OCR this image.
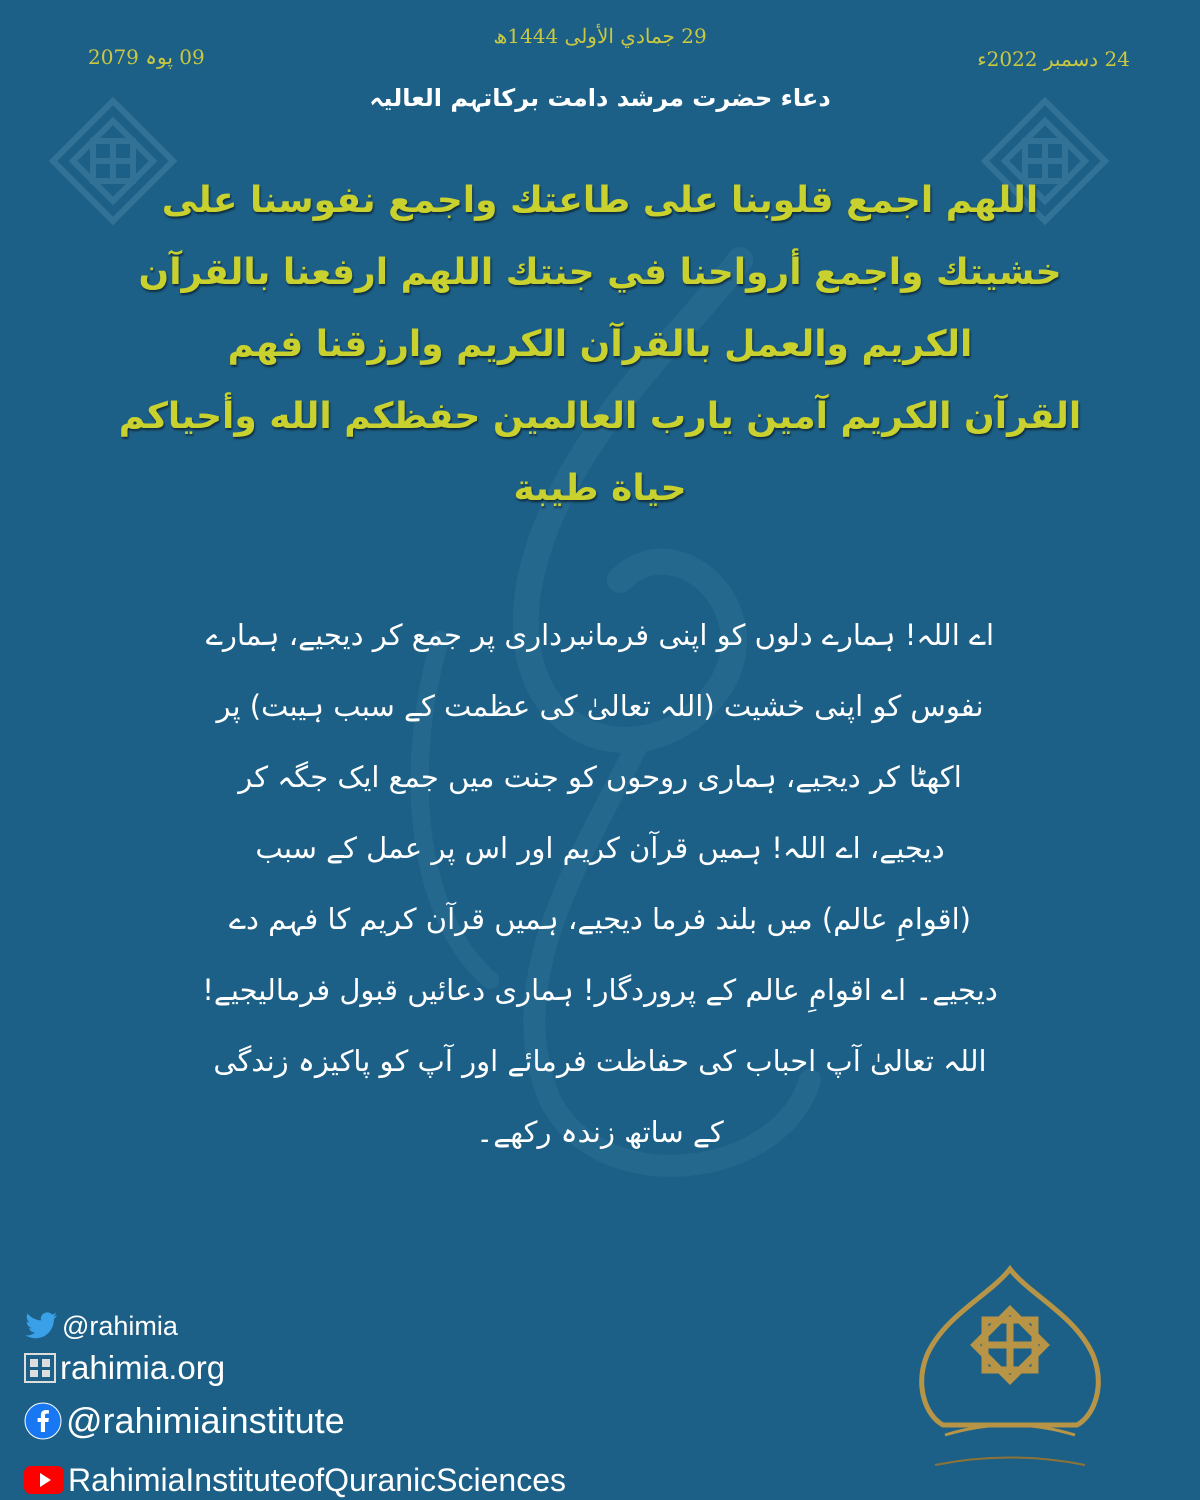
29 جمادي الأولى 1444ھ
24 دسمبر 2022ء
09 پوہ 2079
دعاء حضرت مرشد دامت برکاتہم العالیہ
اللهم اجمع قلوبنا على طاعتك واجمع نفوسنا على
خشيتك واجمع أرواحنا في جنتك اللهم ارفعنا بالقرآن
الكريم والعمل بالقرآن الكريم وارزقنا فهم
القرآن الكريم آمين يارب العالمين حفظكم الله وأحياكم
حياة طيبة
اے اللہ! ہمارے دلوں کو اپنی فرمانبرداری پر جمع کر دیجیے، ہمارے
نفوس کو اپنی خشیت (اللہ تعالیٰ کی عظمت کے سبب ہیبت) پر
اکھٹا کر دیجیے، ہماری روحوں کو جنت میں جمع ایک جگہ کر
دیجیے، اے اللہ! ہمیں قرآن کریم اور اس پر عمل کے سبب
(اقوامِ عالم) میں بلند فرما دیجیے، ہمیں قرآن کریم کا فہم دے
دیجیے۔ اے اقوامِ عالم کے پروردگار! ہماری دعائیں قبول فرمالیجیے!
اللہ تعالیٰ آپ احباب کی حفاظت فرمائے اور آپ کو پاکیزہ زندگی
کے ساتھ زندہ رکھے۔
@rahimia
rahimia.org
@rahimiainstitute
RahimiaInstituteofQuranicSciences
